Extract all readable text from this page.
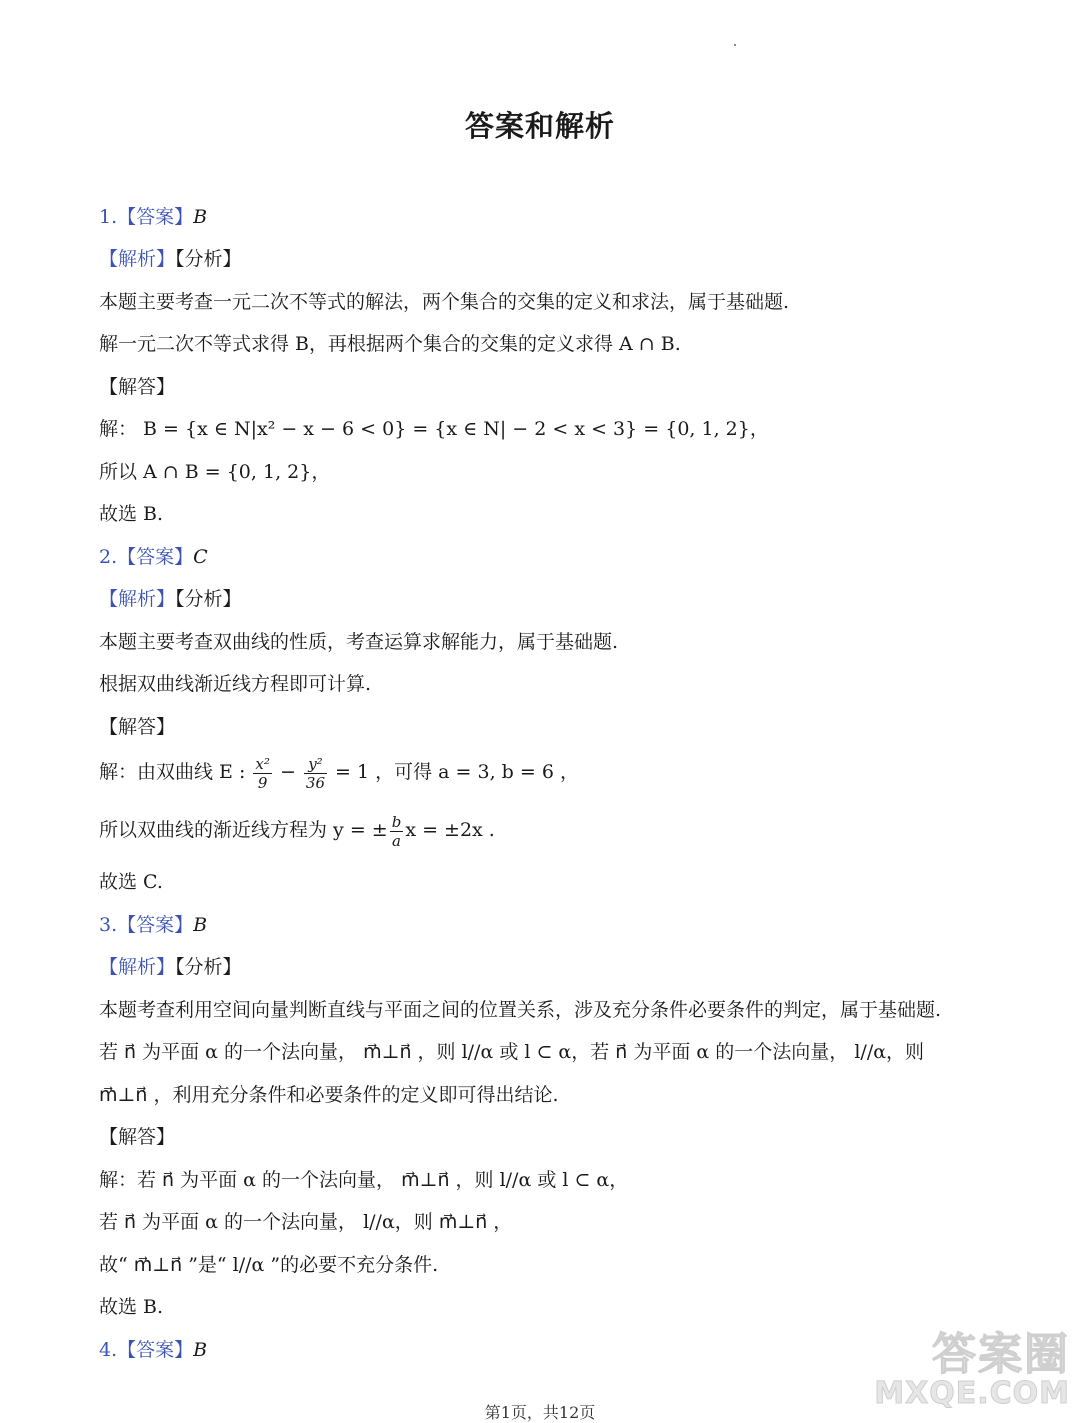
答案和解析
1.【答案】B
【解析】【分析】
本题主要考查一元二次不等式的解法，两个集合的交集的定义和求法，属于基础题.
解一元二次不等式求得 B，再根据两个集合的交集的定义求得 A ∩ B.
【解答】
解： B = {x ∈ N|x² − x − 6 < 0} = {x ∈ N| − 2 < x < 3} = {0, 1, 2}，
所以 A ∩ B = {0, 1, 2}，
故选 B.
2.【答案】C
【解析】【分析】
本题主要考查双曲线的性质，考查运算求解能力，属于基础题.
根据双曲线渐近线方程即可计算.
【解答】
解：由双曲线 E : $\frac{\text{x²}}{9} - \frac{\text{y²}}{36} = 1$ ，可得 a = 3, b = 6 ，
所以双曲线的渐近线方程为 y = ± $\frac{b}{a}$ x = ±2x .
故选 C.
3.【答案】B
【解析】【分析】
本题考查利用空间向量判断直线与平面之间的位置关系，涉及充分条件必要条件的判定，属于基础题.
若 n⃗ 为平面 α 的一个法向量， m⃗⊥n⃗ ，则 l//α 或 l ⊂ α，若 n⃗ 为平面 α 的一个法向量， l//α，则
m⃗⊥n⃗ ，利用充分条件和必要条件的定义即可得出结论.
【解答】
解：若 n⃗ 为平面 α 的一个法向量， m⃗⊥n⃗ ，则 l//α 或 l ⊂ α，
若 n⃗ 为平面 α 的一个法向量， l//α，则 m⃗⊥n⃗ ，
故“ m⃗⊥n⃗ ”是“ l//α ”的必要不充分条件.
故选 B.
4.【答案】B	答案圈
MXQE.COM
第1页，共12页
